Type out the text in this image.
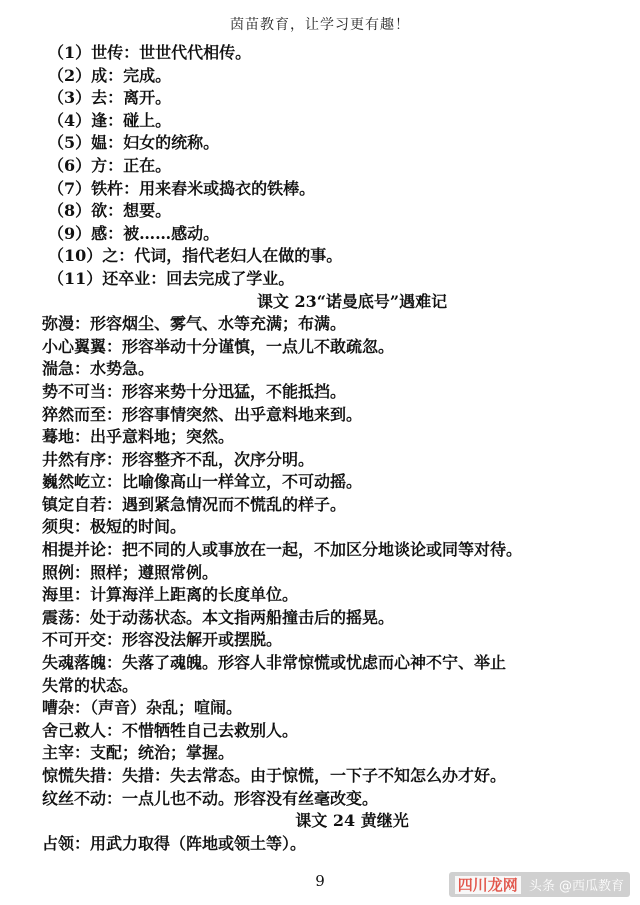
茵苗教育，让学习更有趣！
（1）世传：世世代代相传。
（2）成：完成。
（3）去：离开。
（4）逢：碰上。
（5）媪：妇女的统称。
（6）方：正在。
（7）铁杵：用来舂米或捣衣的铁棒。
（8）欲：想要。
（9）感：被……感动。
（10）之：代词，指代老妇人在做的事。
（11）还卒业：回去完成了学业。
课文 23“诺曼底号”遇难记
弥漫：形容烟尘、雾气、水等充满；布满。
小心翼翼：形容举动十分谨慎，一点儿不敢疏忽。
湍急：水势急。
势不可当：形容来势十分迅猛，不能抵挡。
猝然而至：形容事情突然、出乎意料地来到。
蓦地：出乎意料地；突然。
井然有序：形容整齐不乱，次序分明。
巍然屹立：比喻像高山一样耸立，不可动摇。
镇定自若：遇到紧急情况而不慌乱的样子。
须臾：极短的时间。
相提并论：把不同的人或事放在一起，不加区分地谈论或同等对待。
照例：照样；遵照常例。
海里：计算海洋上距离的长度单位。
震荡：处于动荡状态。本文指两船撞击后的摇晃。
不可开交：形容没法解开或摆脱。
失魂落魄：失落了魂魄。形容人非常惊慌或忧虑而心神不宁、举止
失常的状态。
嘈杂：（声音）杂乱；喧闹。
舍己救人：不惜牺牲自己去救别人。
主宰：支配；统治；掌握。
惊慌失措：失措：失去常态。由于惊慌，一下子不知怎么办才好。
纹丝不动：一点儿也不动。形容没有丝毫改变。
课文 24 黄继光
占领：用武力取得（阵地或领土等）。
9	四川龙网 头条 @西瓜教育
